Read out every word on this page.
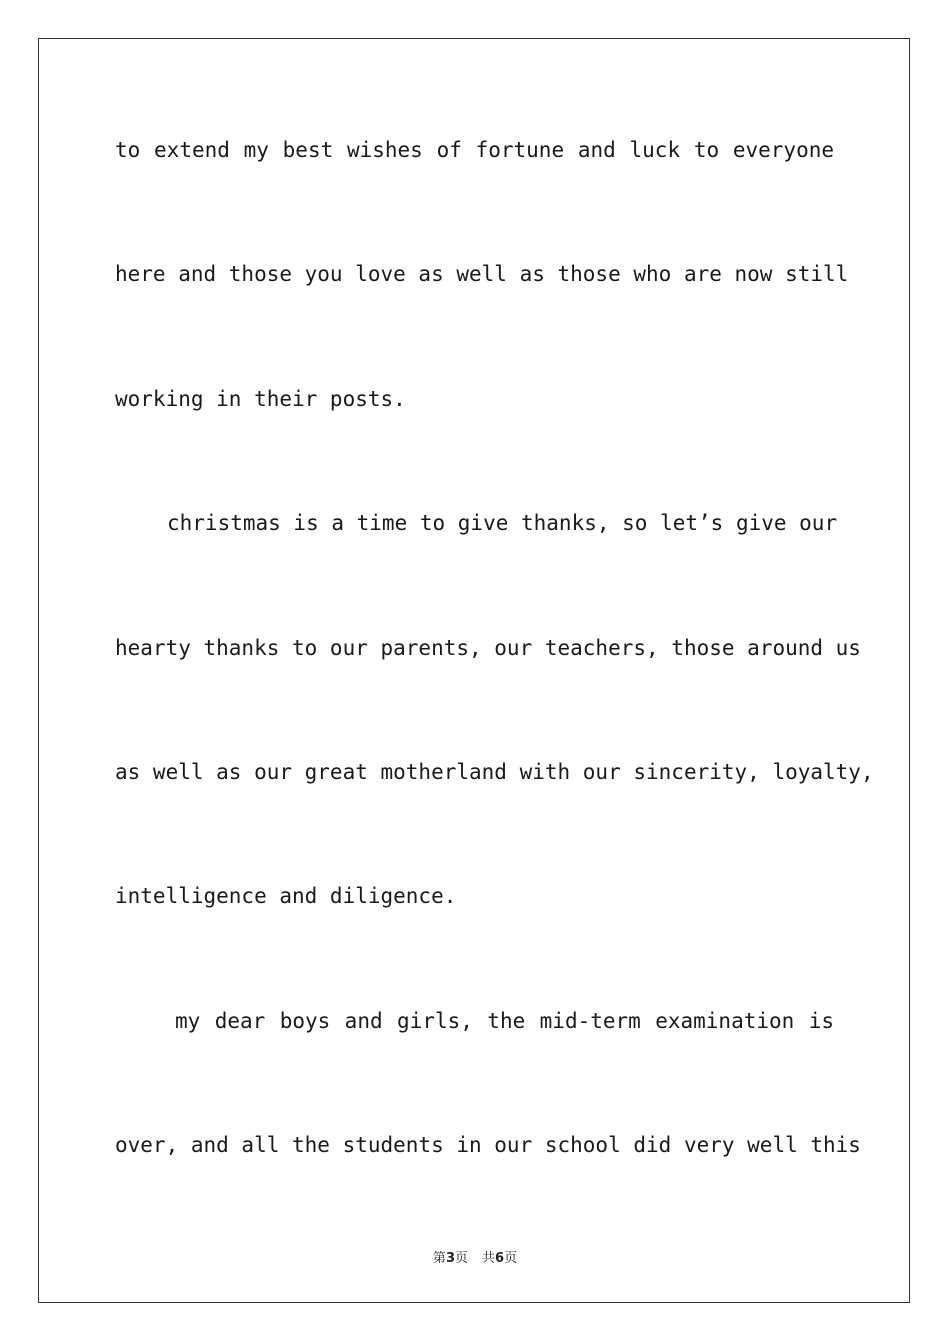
to extend my best wishes of fortune and luck to everyone
here and those you love as well as those who are now still
working in their posts.
christmas is a time to give thanks, so let’s give our
hearty thanks to our parents, our teachers, those around us
as well as our great motherland with our sincerity, loyalty,
intelligence and diligence.
my dear boys and girls, the mid-term examination is
over, and all the students in our school did very well this
第3页 共6页
